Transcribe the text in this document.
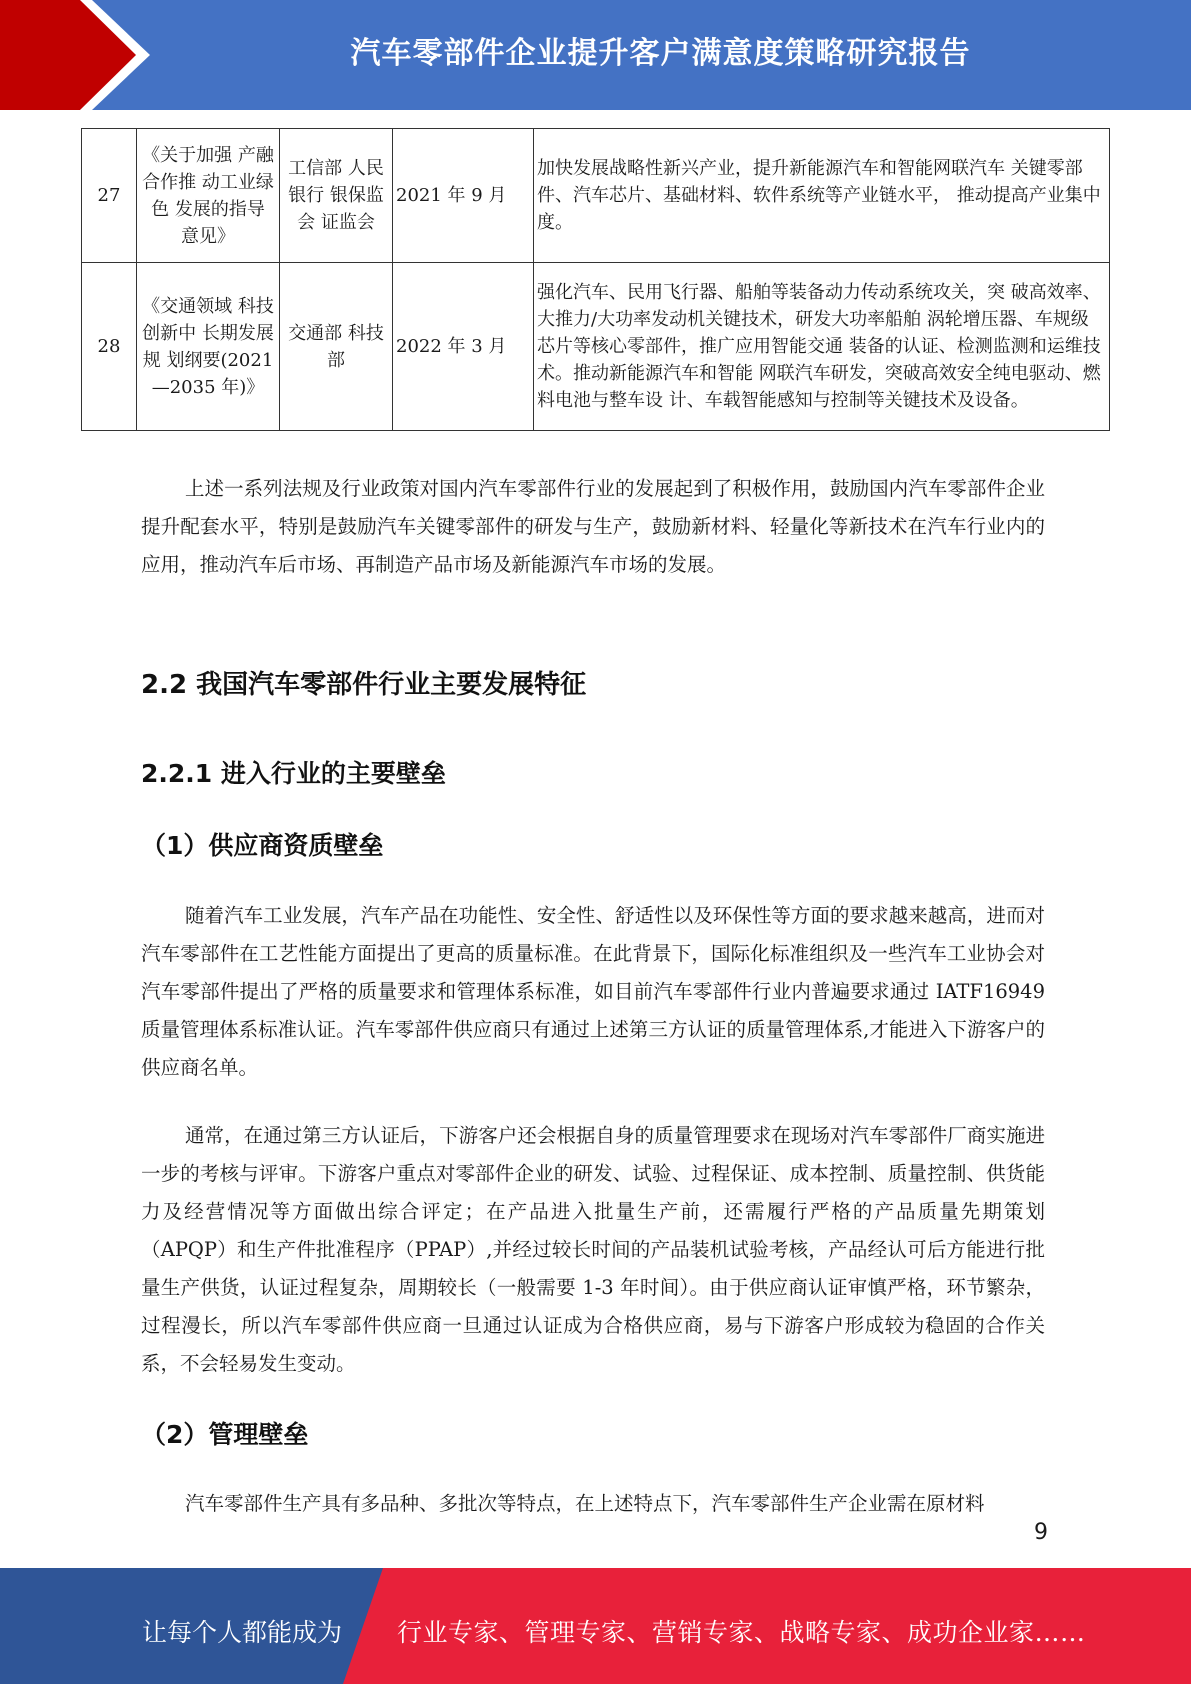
汽车零部件企业提升客户满意度策略研究报告
27	《关于加强 产融合作推 动工业绿色 发展的指导 意见》	工信部 人民银行 银保监会 证监会	2021 年 9 月	加快发展战略性新兴产业，提升新能源汽车和智能网联汽车 关键零部件、汽车芯片、基础材料、软件系统等产业链水平， 推动提高产业集中度。
28	《交通领域 科技创新中 长期发展规 划纲要(2021—2035 年)》	交通部 科技部	2022 年 3 月	强化汽车、民用飞行器、船舶等装备动力传动系统攻关，突 破高效率、大推力/大功率发动机关键技术，研发大功率船舶 涡轮增压器、车规级芯片等核心零部件，推广应用智能交通 装备的认证、检测监测和运维技术。推动新能源汽车和智能 网联汽车研发，突破高效安全纯电驱动、燃料电池与整车设 计、车载智能感知与控制等关键技术及设备。

上述一系列法规及行业政策对国内汽车零部件行业的发展起到了积极作用，鼓励国内汽车零部件企业提升配套水平，特别是鼓励汽车关键零部件的研发与生产，鼓励新材料、轻量化等新技术在汽车行业内的应用，推动汽车后市场、再制造产品市场及新能源汽车市场的发展。

2.2 我国汽车零部件行业主要发展特征
2.2.1 进入行业的主要壁垒
（1）供应商资质壁垒

随着汽车工业发展，汽车产品在功能性、安全性、舒适性以及环保性等方面的要求越来越高，进而对汽车零部件在工艺性能方面提出了更高的质量标准。在此背景下，国际化标准组织及一些汽车工业协会对汽车零部件提出了严格的质量要求和管理体系标准，如目前汽车零部件行业内普遍要求通过 IATF16949 质量管理体系标准认证。汽车零部件供应商只有通过上述第三方认证的质量管理体系,才能进入下游客户的供应商名单。

通常，在通过第三方认证后，下游客户还会根据自身的质量管理要求在现场对汽车零部件厂商实施进一步的考核与评审。下游客户重点对零部件企业的研发、试验、过程保证、成本控制、质量控制、供货能力及经营情况等方面做出综合评定；在产品进入批量生产前，还需履行严格的产品质量先期策划（APQP）和生产件批准程序（PPAP）,并经过较长时间的产品装机试验考核，产品经认可后方能进行批量生产供货，认证过程复杂，周期较长（一般需要 1-3 年时间）。由于供应商认证审慎严格，环节繁杂，过程漫长，所以汽车零部件供应商一旦通过认证成为合格供应商，易与下游客户形成较为稳固的合作关系，不会轻易发生变动。

（2）管理壁垒

汽车零部件生产具有多品种、多批次等特点，在上述特点下，汽车零部件生产企业需在原材料

9
让每个人都能成为 行业专家、管理专家、营销专家、战略专家、成功企业家……
